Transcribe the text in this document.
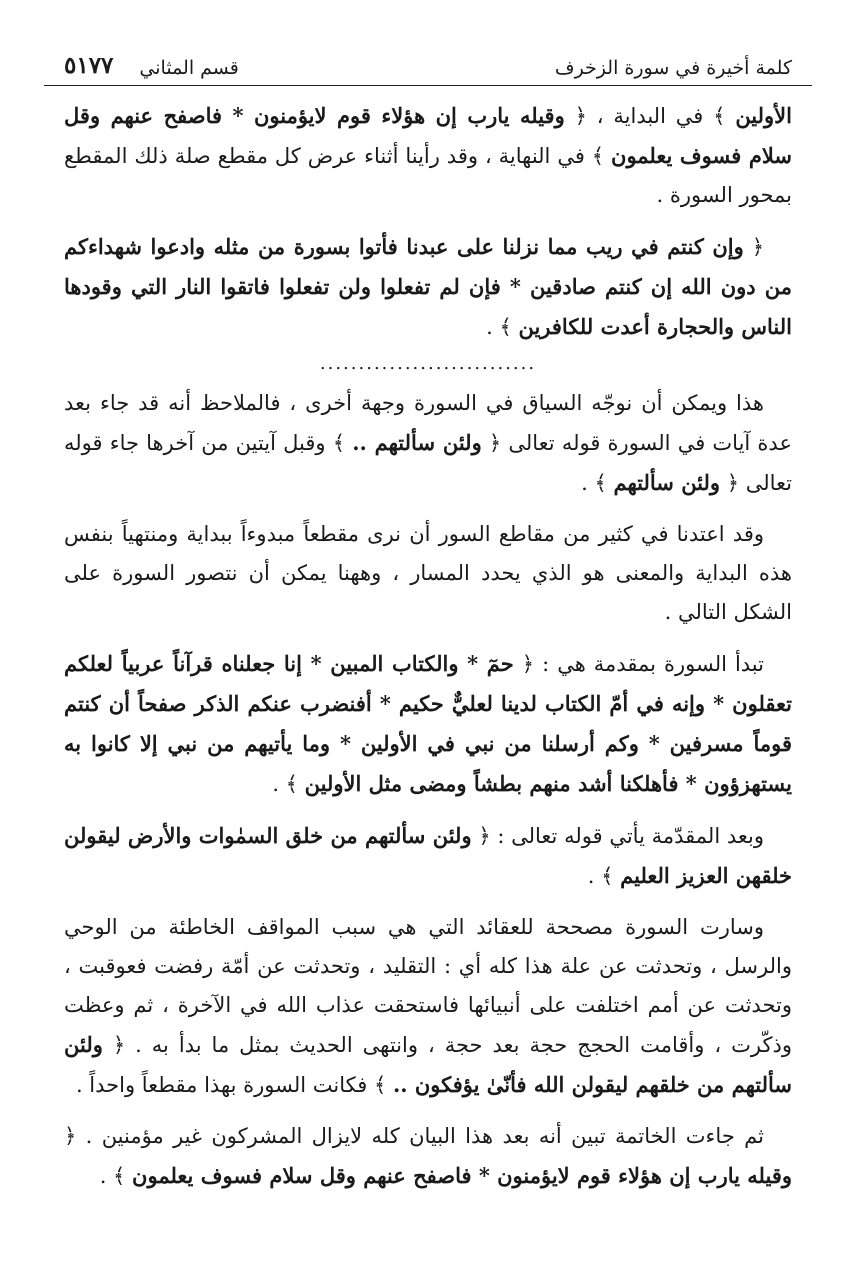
كلمة أخيرة في سورة الزخرف
قسم المثاني
٥١٧٧

الأولين ﴾ في البداية ، ﴿ وقيله يارب إن هؤلاء قوم لايؤمنون * فاصفح عنهم وقل سلام فسوف يعلمون ﴾ في النهاية ، وقد رأينا أثناء عرض كل مقطع صلة ذلك المقطع بمحور السورة .

﴿ وإن كنتم في ريب مما نزلنا على عبدنا فأتوا بسورة من مثله وادعوا شهداءكم من دون الله إن كنتم صادقين * فإن لم تفعلوا ولن تفعلوا فاتقوا النار التي وقودها الناس والحجارة أعدت للكافرين ﴾ .

............................

هذا ويمكن أن نوجّه السياق في السورة وجهة أخرى ، فالملاحظ أنه قد جاء بعد عدة آيات في السورة قوله تعالى ﴿ ولئن سألتهم .. ﴾ وقبل آيتين من آخرها جاء قوله تعالى ﴿ ولئن سألتهم ﴾ .

وقد اعتدنا في كثير من مقاطع السور أن نرى مقطعاً مبدوءاً ببداية ومنتهياً بنفس هذه البداية والمعنى هو الذي يحدد المسار ، وههنا يمكن أن نتصور السورة على الشكل التالي .

تبدأ السورة بمقدمة هي : ﴿ حمٓ * والكتاب المبين * إنا جعلناه قرآناً عربياً لعلكم تعقلون * وإنه في أمّ الكتاب لدينا لعليٌّ حكيم * أفنضرب عنكم الذكر صفحاً أن كنتم قوماً مسرفين * وكم أرسلنا من نبي في الأولين * وما يأتيهم من نبي إلا كانوا به يستهزؤون * فأهلكنا أشد منهم بطشاً ومضى مثل الأولين ﴾ .

وبعد المقدّمة يأتي قوله تعالى : ﴿ ولئن سألتهم من خلق السمٰوات والأرض ليقولن خلقهن العزيز العليم ﴾ .

وسارت السورة مصححة للعقائد التي هي سبب المواقف الخاطئة من الوحي والرسل ، وتحدثت عن علة هذا كله أي : التقليد ، وتحدثت عن أمّة رفضت فعوقبت ، وتحدثت عن أمم اختلفت على أنبيائها فاستحقت عذاب الله في الآخرة ، ثم وعظت وذكّرت ، وأقامت الحجج حجة بعد حجة ، وانتهى الحديث بمثل ما بدأ به . ﴿ ولئن سألتهم من خلقهم ليقولن الله فأنّىٰ يؤفكون .. ﴾ فكانت السورة بهذا مقطعاً واحداً .

ثم جاءت الخاتمة تبين أنه بعد هذا البيان كله لايزال المشركون غير مؤمنين . ﴿ وقيله يارب إن هؤلاء قوم لايؤمنون * فاصفح عنهم وقل سلام فسوف يعلمون ﴾ .
